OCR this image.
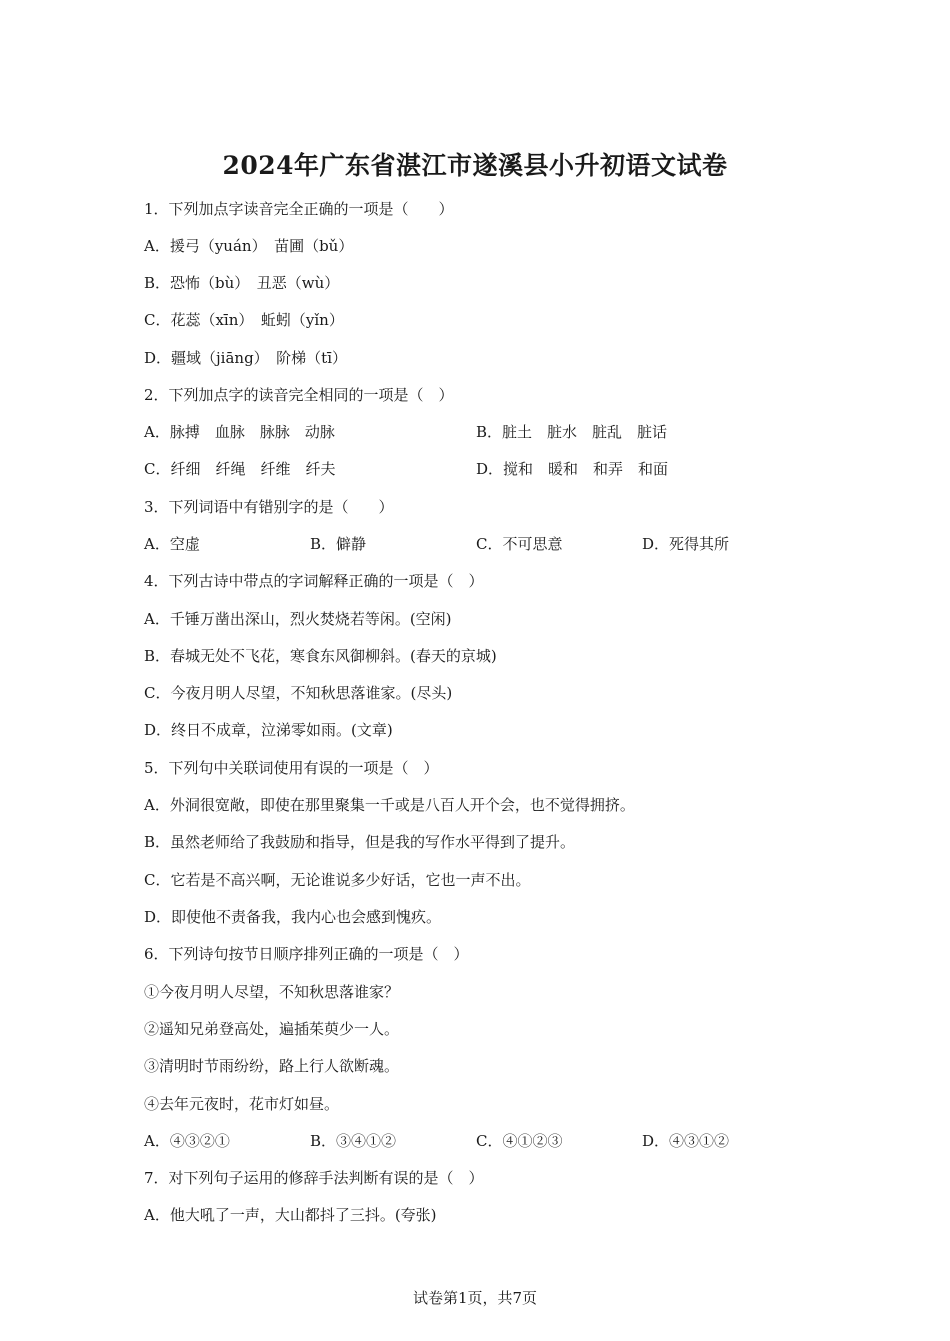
2024年广东省湛江市遂溪县小升初语文试卷
1．下列加点字读音完全正确的一项是（　　）
A．援弓（yuán）　苗圃（bǔ）
B．恐怖（bù）　丑恶（wù）
C．花蕊（xīn）　蚯蚓（yǐn）
D．疆域（jiāng）　阶梯（tī）
2．下列加点字的读音完全相同的一项是（　）
A．脉搏　血脉　脉脉　动脉	B．脏土　脏水　脏乱　脏话
C．纤细　纤绳　纤维　纤夫	D．搅和　暖和　和弄　和面
3．下列词语中有错别字的是（　　）
A．空虚	B．僻静	C．不可思意	D．死得其所
4．下列古诗中带点的字词解释正确的一项是（　）
A．千锤万凿出深山，烈火焚烧若等闲。(空闲)
B．春城无处不飞花，寒食东风御柳斜。(春天的京城)
C．今夜月明人尽望，不知秋思落谁家。(尽头)
D．终日不成章，泣涕零如雨。(文章)
5．下列句中关联词使用有误的一项是（　）
A．外洞很宽敞，即使在那里聚集一千或是八百人开个会，也不觉得拥挤。
B．虽然老师给了我鼓励和指导，但是我的写作水平得到了提升。
C．它若是不高兴啊，无论谁说多少好话，它也一声不出。
D．即使他不责备我，我内心也会感到愧疚。
6．下列诗句按节日顺序排列正确的一项是（　）
①今夜月明人尽望，不知秋思落谁家？
②遥知兄弟登高处，遍插茱萸少一人。
③清明时节雨纷纷，路上行人欲断魂。
④去年元夜时，花市灯如昼。
A．④③②①	B．③④①②	C．④①②③	D．④③①②
7．对下列句子运用的修辞手法判断有误的是（　）
A．他大吼了一声，大山都抖了三抖。(夸张)
试卷第1页，共7页
